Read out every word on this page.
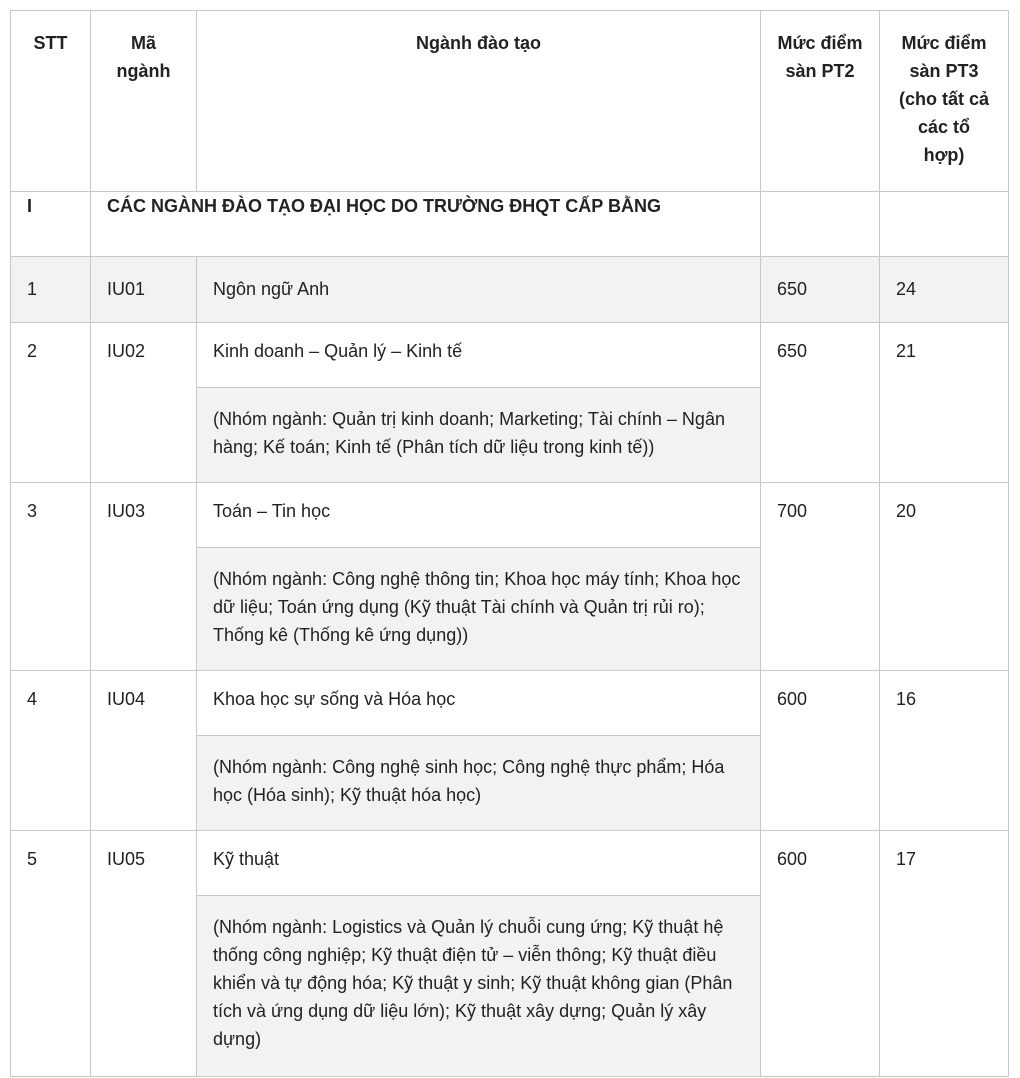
STT	Mã ngành	Ngành đào tạo	Mức điểm sàn PT2	Mức điểm sàn PT3 (cho tất cả các tổ hợp)
I	CÁC NGÀNH ĐÀO TẠO ĐẠI HỌC DO TRƯỜNG ĐHQT CẤP BẰNG			
1	IU01	Ngôn ngữ Anh	650	24
2	IU02	Kinh doanh – Quản lý – Kinh tế	650	21
		(Nhóm ngành: Quản trị kinh doanh; Marketing; Tài chính – Ngân hàng; Kế toán; Kinh tế (Phân tích dữ liệu trong kinh tế))		
3	IU03	Toán – Tin học	700	20
		(Nhóm ngành: Công nghệ thông tin; Khoa học máy tính; Khoa học dữ liệu; Toán ứng dụng (Kỹ thuật Tài chính và Quản trị rủi ro); Thống kê (Thống kê ứng dụng))		
4	IU04	Khoa học sự sống và Hóa học	600	16
		(Nhóm ngành: Công nghệ sinh học; Công nghệ thực phẩm; Hóa học (Hóa sinh); Kỹ thuật hóa học)		
5	IU05	Kỹ thuật	600	17
		(Nhóm ngành: Logistics và Quản lý chuỗi cung ứng; Kỹ thuật hệ thống công nghiệp; Kỹ thuật điện tử – viễn thông; Kỹ thuật điều khiển và tự động hóa; Kỹ thuật y sinh; Kỹ thuật không gian (Phân tích và ứng dụng dữ liệu lớn); Kỹ thuật xây dựng; Quản lý xây dựng)		
